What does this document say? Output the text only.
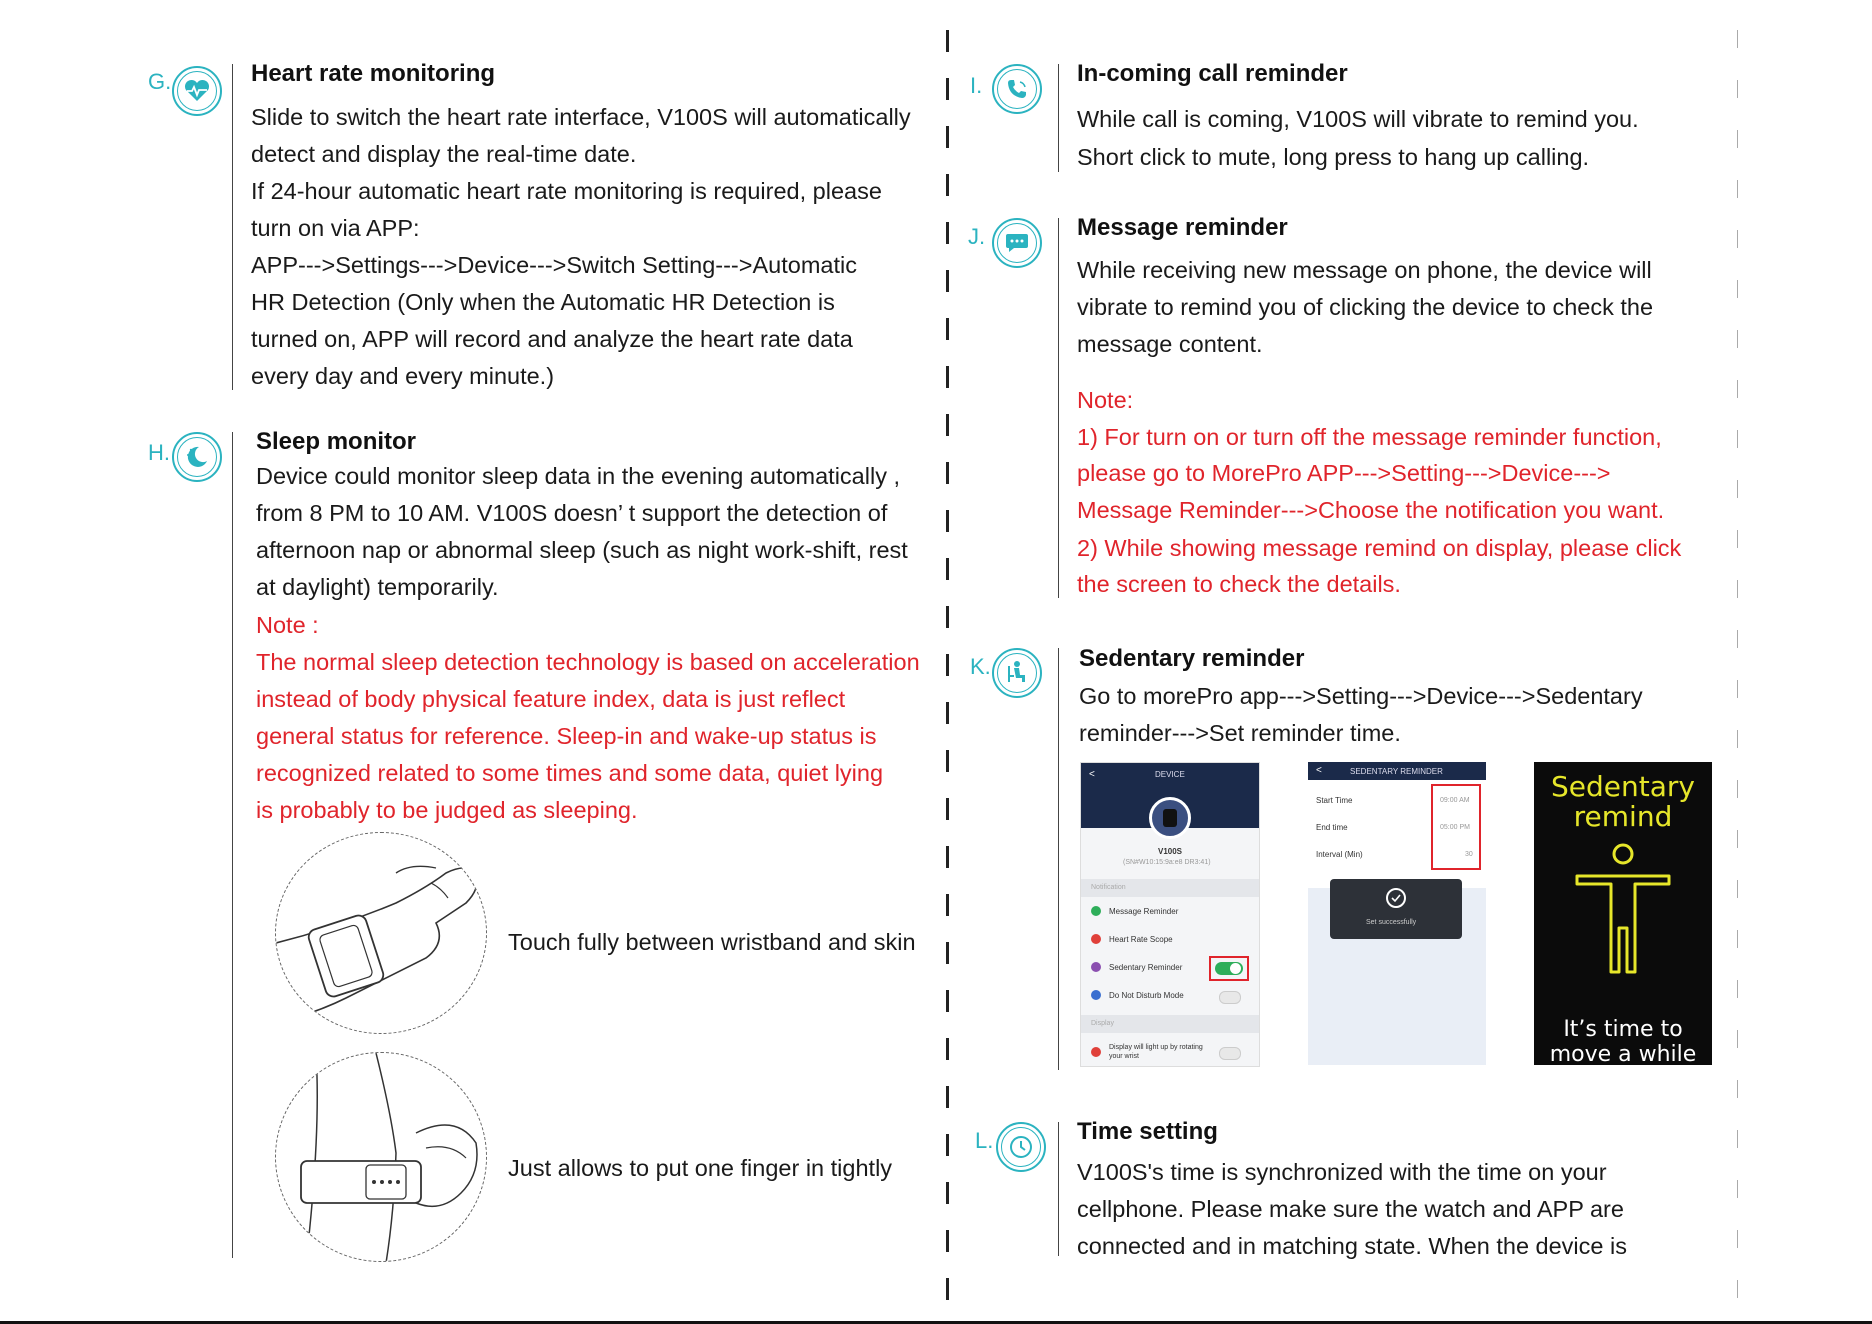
G.	Heart rate monitoring
Slide to switch the heart rate interface, V100S will automatically
detect and display the real-time date.
If 24-hour automatic heart rate monitoring is required, please
turn on via APP:
APP--->Settings--->Device--->Switch Setting--->Automatic
HR Detection (Only when the Automatic HR Detection is
turned on, APP will record and analyze the heart rate data
every day and every minute.)
H.	Sleep monitor
Device could monitor sleep data in the evening automatically ,
from 8 PM to 10 AM. V100S doesn’ t support the detection of
afternoon nap or abnormal sleep (such as night work-shift, rest
at daylight) temporarily.
Note :
The normal sleep detection technology is based on acceleration
instead of body physical feature index, data is just reflect
general status for reference. Sleep-in and wake-up status is
recognized related to some times and some data, quiet lying
is probably to be judged as sleeping.
Touch fully between wristband and skin
Just allows to put one finger in tightly
I.	In-coming call reminder
While call is coming, V100S will vibrate to remind you.
Short click to mute, long press to hang up calling.
J.	Message reminder
While receiving new message on phone, the device will
vibrate to remind you of clicking the device to check the
message content.
Note:
1) For turn on or turn off the message reminder function,
please go to MorePro APP--->Setting--->Device--->
Message Reminder--->Choose the notification you want.
2) While showing message remind on display, please click
the screen to check the details.
K.	Sedentary reminder
Go to morePro app--->Setting--->Device--->Sedentary
reminder--->Set reminder time.
<	DEVICE
V100S
(SN#W10:15:9a:e8 DR3:41)
Notification
Message Reminder
Heart Rate Scope
Sedentary Reminder
Do Not Disturb Mode
Display
Display will light up by rotating your wrist
<	SEDENTARY REMINDER
Start Time	09:00 AM
End time	05:00 PM
Interval (Min)	30
Set successfully
Sedentary
remind
It’s time to
move a while
L.	Time setting
V100S's time is synchronized with the time on your
cellphone. Please make sure the watch and APP are
connected and in matching state. When the device is
